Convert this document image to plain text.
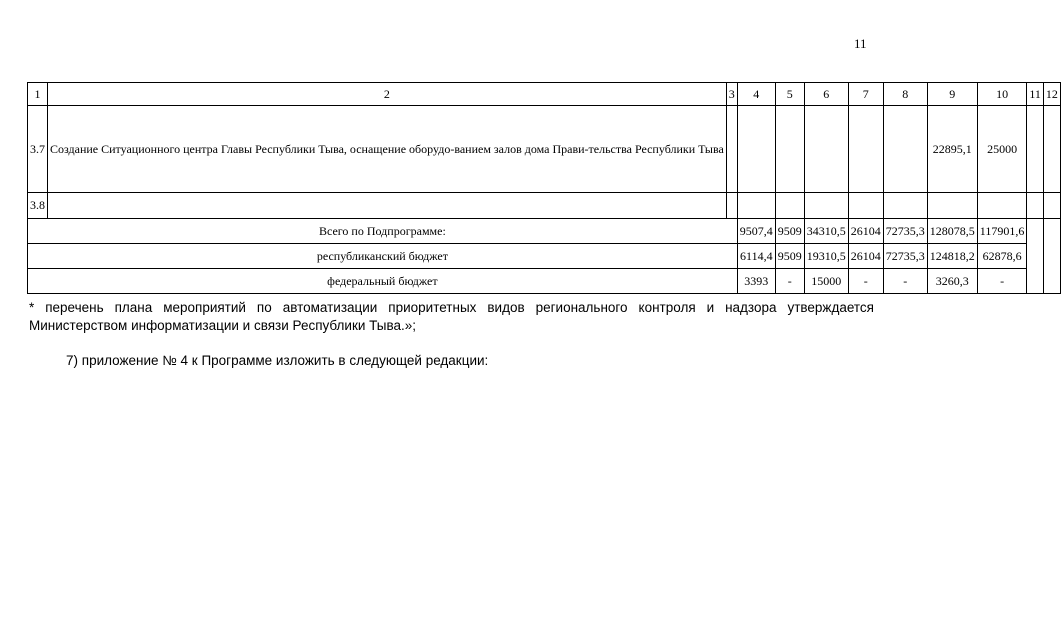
11
1	2	3	4	5	6	7	8	9	10	11	12
3.7	Создание Ситуационного центра Главы Республики Тыва, оснащение оборудо-ванием залов дома Прави-тельства Республики Тыва							22895,1	25000		
3.8											
Всего по Подпрограмме:			9507,4	9509	34310,5	26104	72735,3	128078,5	117901,6		
республиканский бюджет			6114,4	9509	19310,5	26104	72735,3	124818,2	62878,6		
федеральный бюджет			3393	-	15000	-	-	3260,3	-		
* перечень плана мероприятий по автоматизации приоритетных видов регионального контроля и надзора утверждается Министерством информатизации и связи Республики Тыва.»;
7) приложение № 4 к Программе изложить в следующей редакции:
